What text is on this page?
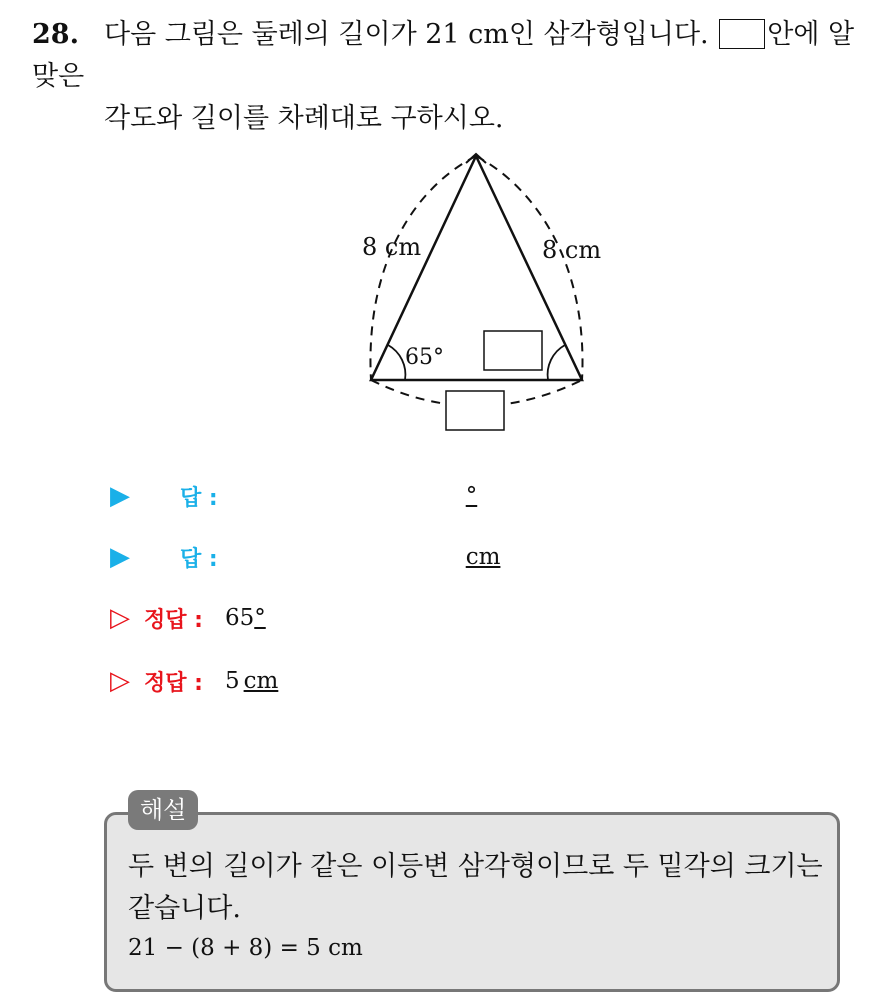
28. 다음 그림은 둘레의 길이가 21 cm인 삼각형입니다. 안에 알맞은
각도와 길이를 차례대로 구하시오.
8 cm	8 cm
65°
▶	답 :	°
▶	답 :	cm
▷ 정답 : 65 °
▷ 정답 : 5 cm
해설
두 변의 길이가 같은 이등변 삼각형이므로 두 밑각의 크기는
같습니다.
21 − (8 + 8) = 5 cm
